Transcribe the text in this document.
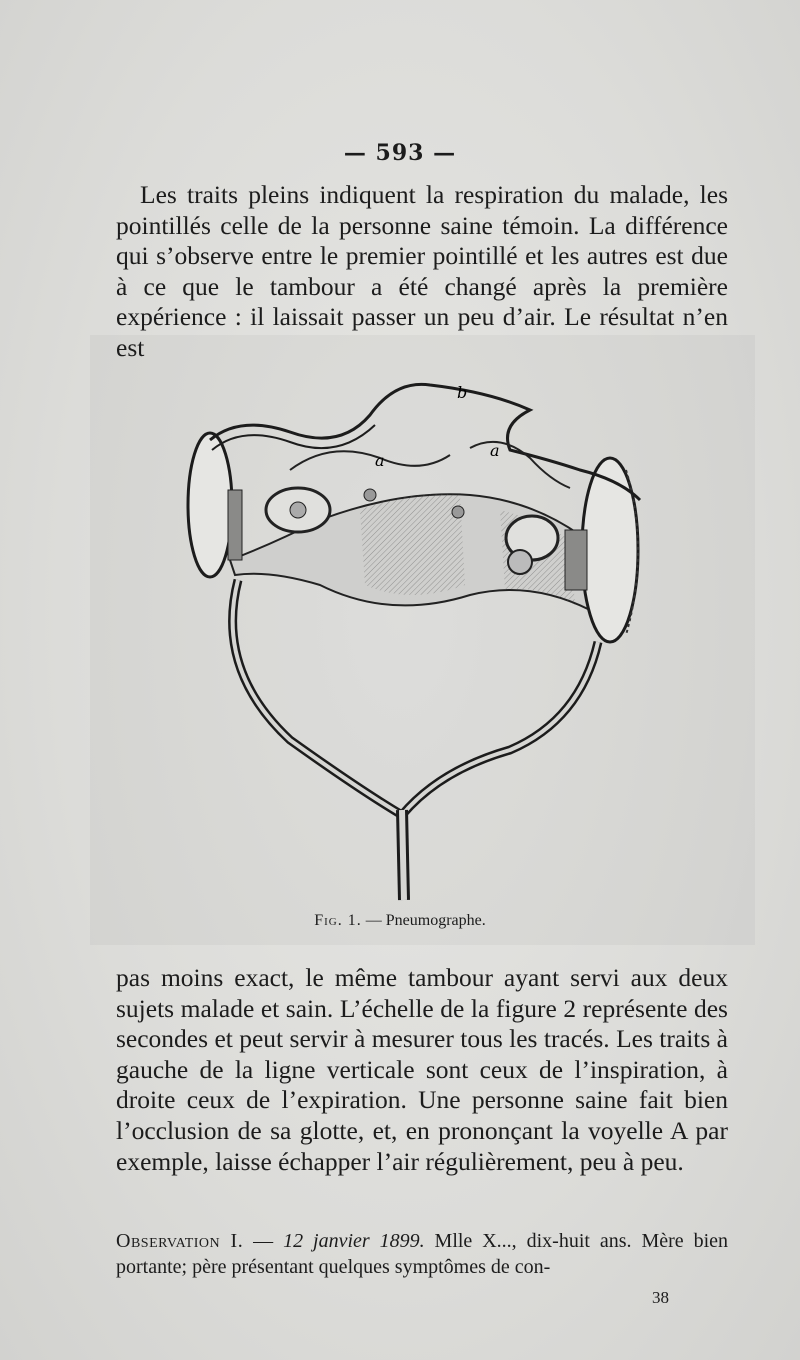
— 593 —

Les traits pleins indiquent la respiration du malade, les pointillés celle de la personne saine témoin. La différence qui s’observe entre le premier pointillé et les autres est due à ce que le tambour a été changé après la première expérience : il laissait passer un peu d’air. Le résultat n’en est

b
a
a
Fig. 1. — Pneumographe.

pas moins exact, le même tambour ayant servi aux deux sujets malade et sain. L’échelle de la figure 2 représente des secondes et peut servir à mesurer tous les tracés. Les traits à gauche de la ligne verticale sont ceux de l’inspiration, à droite ceux de l’expiration. Une personne saine fait bien l’occlusion de sa glotte, et, en prononçant la voyelle A par exemple, laisse échapper l’air régulièrement, peu à peu.

Observation I. — 12 janvier 1899. Mlle X..., dix-huit ans. Mère bien portante; père présentant quelques symptômes de con-

38
